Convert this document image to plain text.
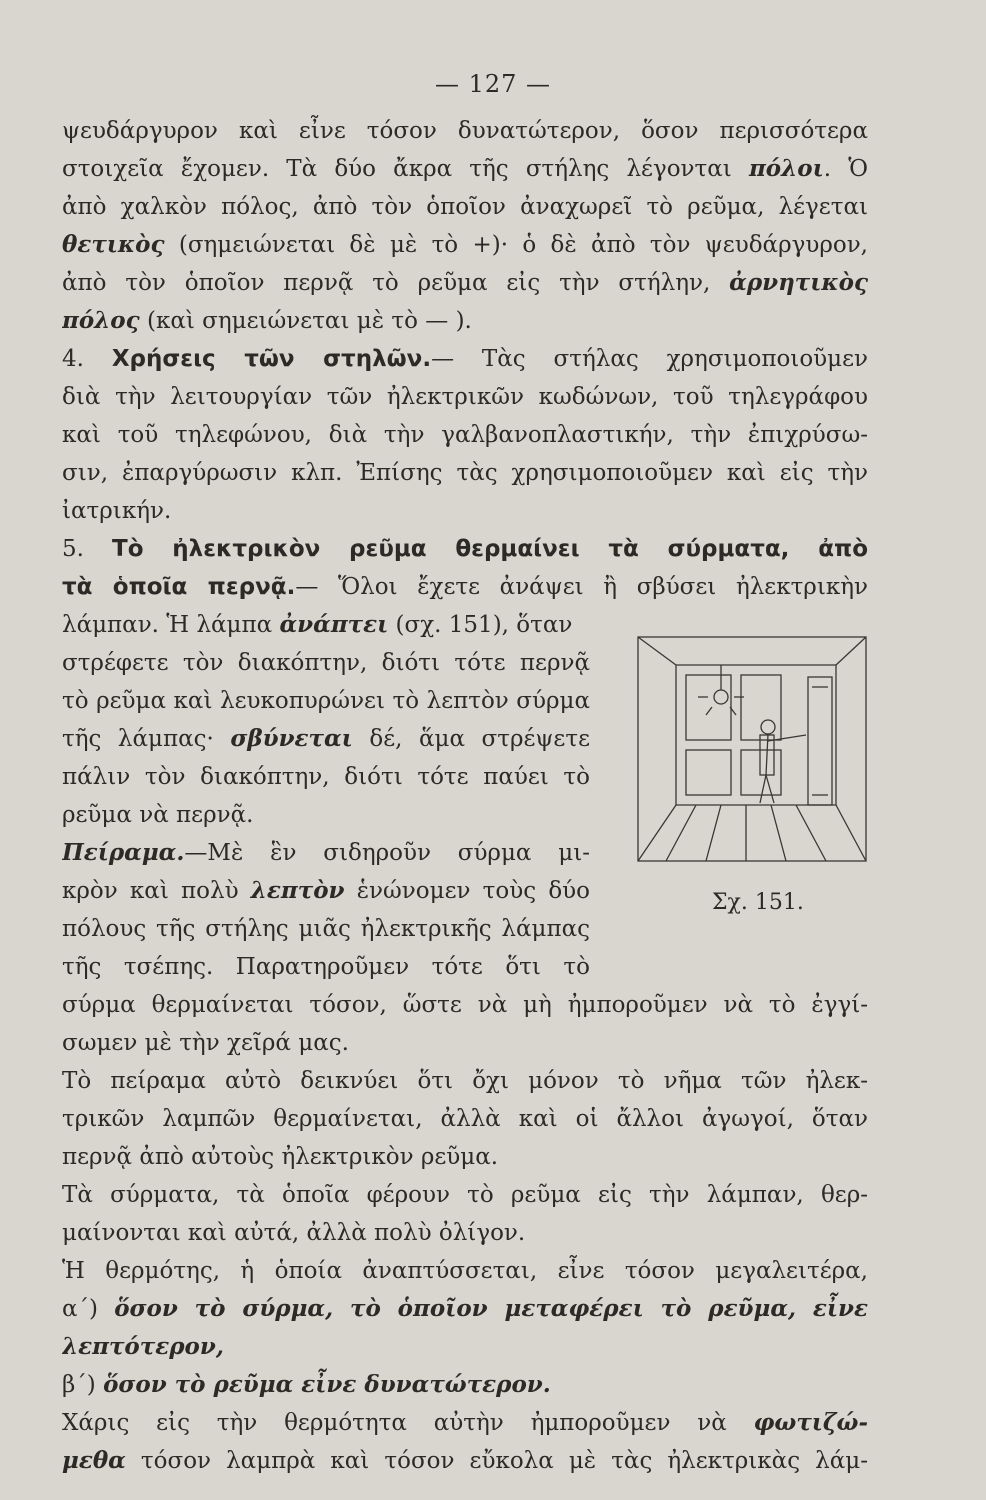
— 127 —
ψευδάργυρον καὶ εἶνε τόσον δυνατώτερον, ὅσον περισσότερα
στοιχεῖα ἔχομεν. Τὰ δύο ἄκρα τῆς στήλης λέγονται πόλοι. Ὁ
ἀπὸ χαλκὸν πόλος, ἀπὸ τὸν ὁποῖον ἀναχωρεῖ τὸ ρεῦμα, λέγεται
θετικὸς (σημειώνεται δὲ μὲ τὸ +)· ὁ δὲ ἀπὸ τὸν ψευδάργυρον,
ἀπὸ τὸν ὁποῖον περνᾷ τὸ ρεῦμα εἰς τὴν στήλην, ἀρνητικὸς
πόλος (καὶ σημειώνεται μὲ τὸ — ).
4. Χρήσεις τῶν στηλῶν.— Τὰς στήλας χρησιμοποιοῦμεν
διὰ τὴν λειτουργίαν τῶν ἠλεκτρικῶν κωδώνων, τοῦ τηλεγράφου
καὶ τοῦ τηλεφώνου, διὰ τὴν γαλβανοπλαστικήν, τὴν ἐπιχρύσω-
σιν, ἐπαργύρωσιν κλπ. Ἐπίσης τὰς χρησιμοποιοῦμεν καὶ εἰς τὴν
ἰατρικήν.
5. Τὸ ἠλεκτρικὸν ρεῦμα θερμαίνει τὰ σύρματα, ἀπὸ
τὰ ὁποῖα περνᾷ.— Ὅλοι ἔχετε ἀνάψει ἢ σβύσει ἠλεκτρικὴν
λάμπαν. Ἡ λάμπα ἀνάπτει (σχ. 151), ὅταν
στρέφετε τὸν διακόπτην, διότι τότε περνᾷ
τὸ ρεῦμα καὶ λευκοπυρώνει τὸ λεπτὸν σύρμα
τῆς λάμπας· σβύνεται δέ, ἅμα στρέψετε
πάλιν τὸν διακόπτην, διότι τότε παύει τὸ
ρεῦμα νὰ περνᾷ.
Πείραμα.—Μὲ ἓν σιδηροῦν σύρμα μι-
κρὸν καὶ πολὺ λεπτὸν ἑνώνομεν τοὺς δύο
πόλους τῆς στήλης μιᾶς ἠλεκτρικῆς λάμπας
τῆς τσέπης. Παρατηροῦμεν τότε ὅτι τὸ
σύρμα θερμαίνεται τόσον, ὥστε νὰ μὴ ἠμποροῦμεν νὰ τὸ ἐγγί-
σωμεν μὲ τὴν χεῖρά μας.
Τὸ πείραμα αὐτὸ δεικνύει ὅτι ὄχι μόνον τὸ νῆμα τῶν ἠλεκ-
τρικῶν λαμπῶν θερμαίνεται, ἀλλὰ καὶ οἱ ἄλλοι ἀγωγοί, ὅταν
περνᾷ ἀπὸ αὐτοὺς ἠλεκτρικὸν ρεῦμα.
Τὰ σύρματα, τὰ ὁποῖα φέρουν τὸ ρεῦμα εἰς τὴν λάμπαν, θερ-
μαίνονται καὶ αὐτά, ἀλλὰ πολὺ ὀλίγον.
Ἡ θερμότης, ἡ ὁποία ἀναπτύσσεται, εἶνε τόσον μεγαλειτέρα,
α΄) ὅσον τὸ σύρμα, τὸ ὁποῖον μεταφέρει τὸ ρεῦμα, εἶνε
λεπτότερον,
β΄) ὅσον τὸ ρεῦμα εἶνε δυνατώτερον.
Χάρις εἰς τὴν θερμότητα αὐτὴν ἠμποροῦμεν νὰ φωτιζώ-
μεθα τόσον λαμπρὰ καὶ τόσον εὔκολα μὲ τὰς ἠλεκτρικὰς λάμ-
Σχ. 151.
